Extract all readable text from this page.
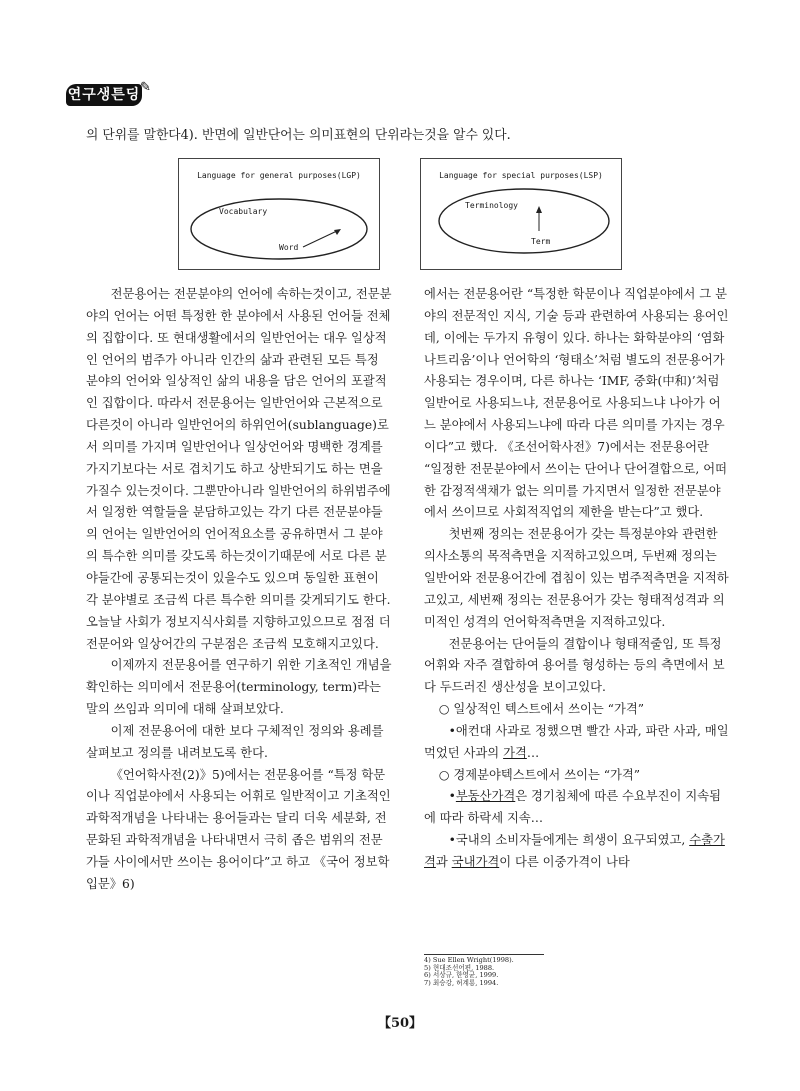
연구생튼딩 ✎
의 단위를 말한다4). 반면에 일반단어는 의미표현의 단위라는것을 알수 있다.
Language for general purposes(LGP)
Vocabulary
Word
Language for special purposes(LSP)
Terminology
Term

전문용어는 전문분야의 언어에 속하는것이고, 전문분야의 언어는 어떤 특정한 한 분야에서 사용된 언어들 전체의 집합이다. 또 현대생활에서의 일반언어는 대우 일상적인 언어의 범주가 아니라 인간의 삶과 관련된 모든 특정 분야의 언어와 일상적인 삶의 내용을 담은 언어의 포괄적인 집합이다. 따라서 전문용어는 일반언어와 근본적으로 다른것이 아니라 일반언어의 하위언어(sublanguage)로서 의미를 가지며 일반언어나 일상언어와 명백한 경계를 가지기보다는 서로 겹치기도 하고 상반되기도 하는 면을 가질수 있는것이다. 그뿐만아니라 일반언어의 하위범주에서 일정한 역할들을 분담하고있는 각기 다른 전문분야들의 언어는 일반언어의 언어적요소를 공유하면서 그 분야의 특수한 의미를 갖도록 하는것이기때문에 서로 다른 분야들간에 공통되는것이 있을수도 있으며 동일한 표현이 각 분야별로 조금씩 다른 특수한 의미를 갖게되기도 한다. 오늘날 사회가 정보지식사회를 지향하고있으므로 점점 더 전문어와 일상어간의 구분점은 조금씩 모호해지고있다.

이제까지 전문용어를 연구하기 위한 기초적인 개념을 확인하는 의미에서 전문용어(terminology, term)라는 말의 쓰임과 의미에 대해 살펴보았다.

이제 전문용어에 대한 보다 구체적인 정의와 용례를 살펴보고 정의를 내려보도록 한다.

《언어학사전(2)》5)에서는 전문용어를 “특정 학문이나 직업분야에서 사용되는 어휘로 일반적이고 기초적인 과학적개념을 나타내는 용어들과는 달리 더욱 세분화, 전문화된 과학적개념을 나타내면서 극히 좁은 범위의 전문가들 사이에서만 쓰이는 용어이다”고 하고 《국어 정보학 입문》6)

에서는 전문용어란 “특정한 학문이나 직업분야에서 그 분야의 전문적인 지식, 기술 등과 관련하여 사용되는 용어인데, 이에는 두가지 유형이 있다. 하나는 화학분야의 ‘염화나트리움’이나 언어학의 ‘형태소’처럼 별도의 전문용어가 사용되는 경우이며, 다른 하나는 ‘IMF, 중화(中和)’처럼 일반어로 사용되느냐, 전문용어로 사용되느냐 나아가 어느 분야에서 사용되느냐에 따라 다른 의미를 가지는 경우이다”고 했다. 《조선어학사전》7)에서는 전문용어란 “일정한 전문분야에서 쓰이는 단어나 단어결합으로, 어떠한 감정적색채가 없는 의미를 가지면서 일정한 전문분야에서 쓰이므로 사회적직업의 제한을 받는다”고 했다.

첫번째 정의는 전문용어가 갖는 특정분야와 관련한 의사소통의 목적측면을 지적하고있으며, 두번째 정의는 일반어와 전문용어간에 겹침이 있는 범주적측면을 지적하고있고, 세번째 정의는 전문용어가 갖는 형태적성격과 의미적인 성격의 언어학적측면을 지적하고있다.

전문용어는 단어들의 결합이나 형태적줄임, 또 특정어휘와 자주 결합하여 용어를 형성하는 등의 측면에서 보다 두드러진 생산성을 보이고있다.

○ 일상적인 텍스트에서 쓰이는 “가격”

•애컨대 사과로 정했으면 빨간 사과, 파란 사과, 매일 먹었던 사과의 가격…

○ 경제분야텍스트에서 쓰이는 “가격”

•부동산가격은 경기침체에 따른 수요부진이 지속됨에 따라 하락세 지속…

•국내의 소비자들에게는 희생이 요구되였고, 수출가격과 국내가격이 다른 이중가격이 나타

4) Sue Ellen Wright(1998).

5) 현대조선어편, 1988.

6) 서상규, 한영균, 1999.

7) 최승강, 허계룡, 1994.

【50】
